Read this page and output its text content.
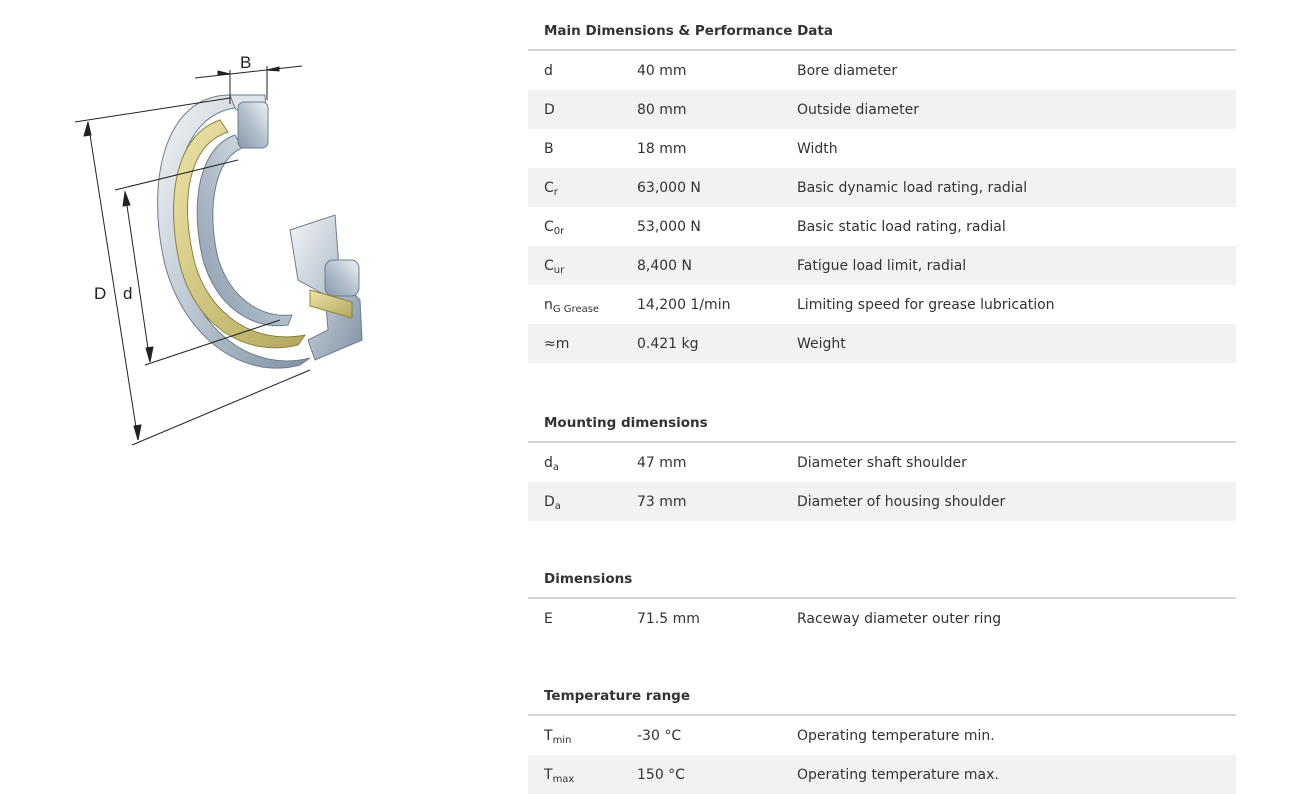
B
D d
Main Dimensions & Performance Data
d	40 mm	Bore diameter
D	80 mm	Outside diameter
B	18 mm	Width
$C_r$	63,000 N	Basic dynamic load rating, radial
$C_{0r}$	53,000 N	Basic static load rating, radial
$C_{ur}$	8,400 N	Fatigue load limit, radial
$n_{G Grease}$	14,200 1/min	Limiting speed for grease lubrication
≈m	0.421 kg	Weight
Mounting dimensions
$d_a$	47 mm	Diameter shaft shoulder
$D_a$	73 mm	Diameter of housing shoulder
Dimensions
E	71.5 mm	Raceway diameter outer ring
Temperature range
$T_{min}$	-30 °C	Operating temperature min.
$T_{max}$	150 °C	Operating temperature max.
